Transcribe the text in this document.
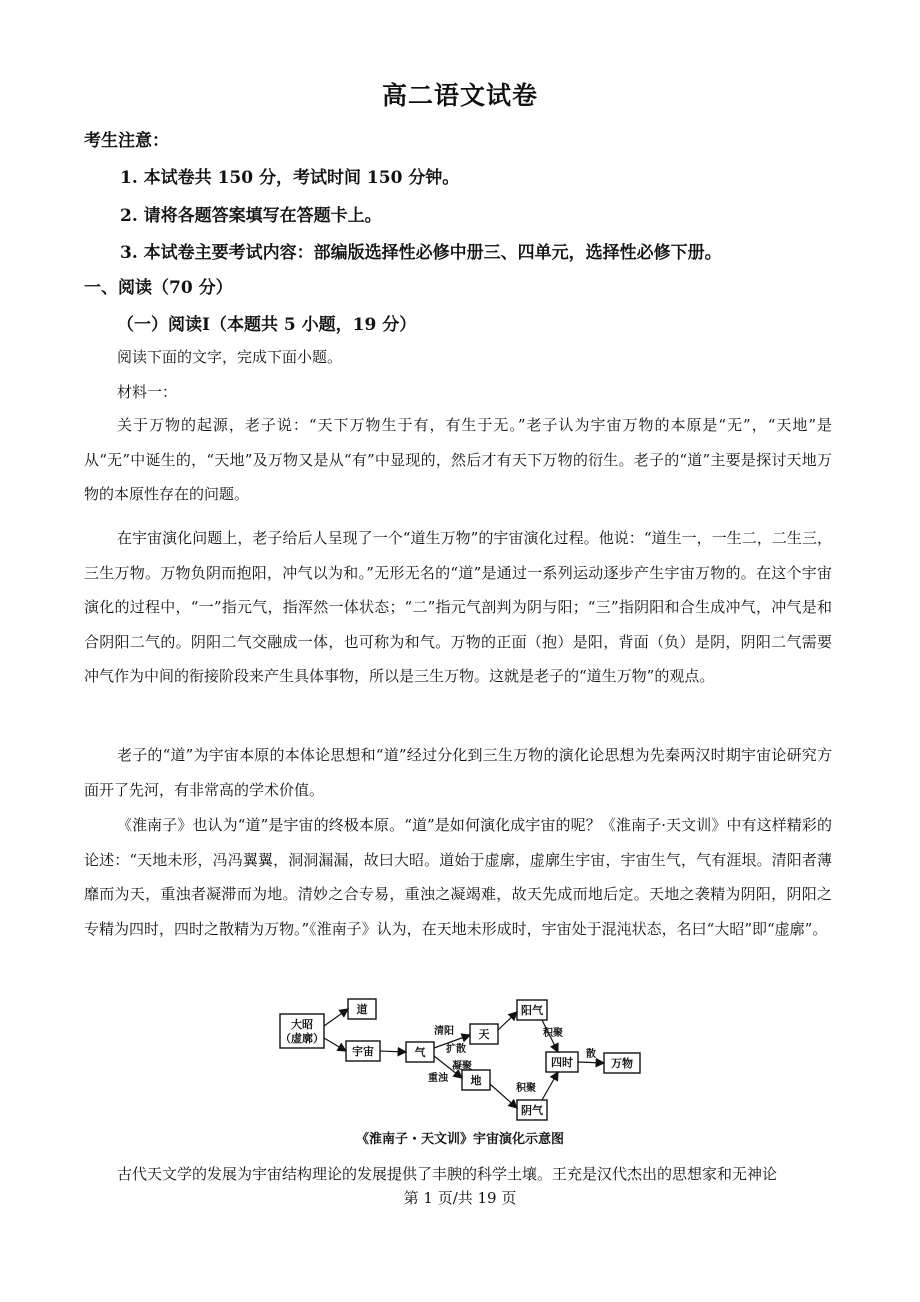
高二语文试卷
考生注意：
1. 本试卷共 150 分，考试时间 150 分钟。
2. 请将各题答案填写在答题卡上。
3. 本试卷主要考试内容：部编版选择性必修中册三、四单元，选择性必修下册。
一、阅读（70 分）
（一）阅读Ⅰ（本题共 5 小题，19 分）
阅读下面的文字，完成下面小题。
材料一：
关于万物的起源，老子说：“天下万物生于有，有生于无。”老子认为宇宙万物的本原是“无”，“天地”是从“无”中诞生的，“天地”及万物又是从“有”中显现的，然后才有天下万物的衍生。老子的“道”主要是探讨天地万物的本原性存在的问题。
在宇宙演化问题上，老子给后人呈现了一个“道生万物”的宇宙演化过程。他说：“道生一，一生二，二生三，三生万物。万物负阴而抱阳，冲气以为和。”无形无名的“道”是通过一系列运动逐步产生宇宙万物的。在这个宇宙演化的过程中，“一”指元气，指浑然一体状态；“二”指元气剖判为阴与阳；“三”指阴阳和合生成冲气，冲气是和合阴阳二气的。阴阳二气交融成一体，也可称为和气。万物的正面（抱）是阳，背面（负）是阴，阴阳二气需要冲气作为中间的衔接阶段来产生具体事物，所以是三生万物。这就是老子的“道生万物”的观点。
老子的“道”为宇宙本原的本体论思想和“道”经过分化到三生万物的演化论思想为先秦两汉时期宇宙论研究方面开了先河，有非常高的学术价值。
《淮南子》也认为“道”是宇宙的终极本原。“道”是如何演化成宇宙的呢？《淮南子·天文训》中有这样精彩的论述：“天地未形，冯冯翼翼，洞洞漏漏，故曰大昭。道始于虚廓，虚廓生宇宙，宇宙生气，气有涯垠。清阳者薄靡而为天，重浊者凝滞而为地。清妙之合专易，重浊之凝竭难，故天先成而地后定。天地之袭精为阴阳，阴阳之专精为四时，四时之散精为万物。”《淮南子》认为，在天地未形成时，宇宙处于混沌状态，名曰“大昭”即“虚廓”。
大昭
（虚廓）
道
宇宙	气
天
地
阳气
阴气
四时	万物
清阳
扩散
凝聚
重浊
积聚
积聚
散
《淮南子・天文训》宇宙演化示意图
古代天文学的发展为宇宙结构理论的发展提供了丰腴的科学土壤。王充是汉代杰出的思想家和无神论
第 1 页/共 19 页
